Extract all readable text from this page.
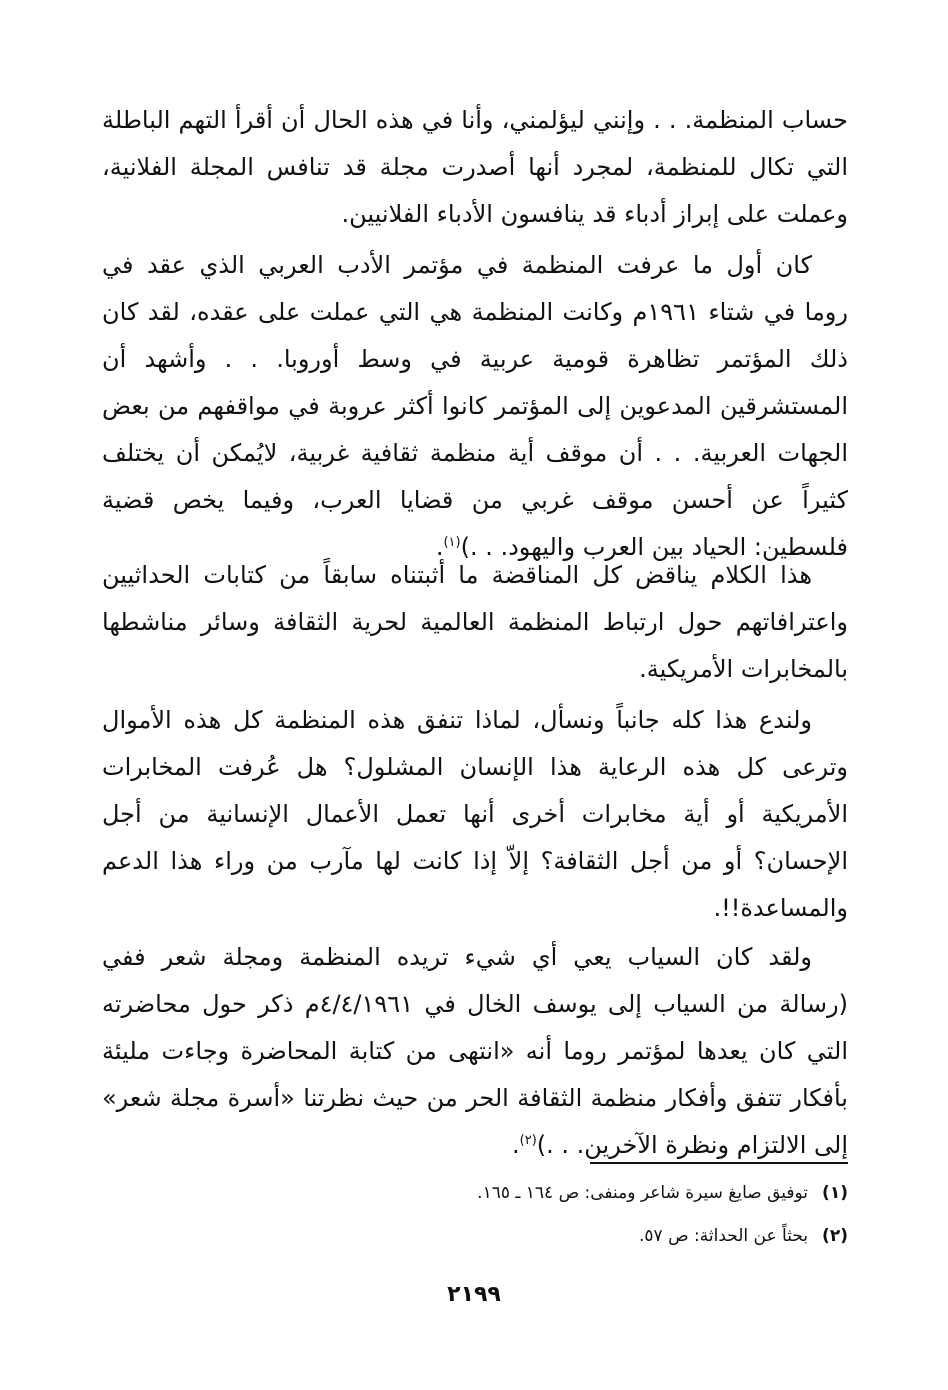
حساب المنظمة. . . وإنني ليؤلمني، وأنا في هذه الحال أن أقرأ التهم الباطلة
التي تكال للمنظمة، لمجرد أنها أصدرت مجلة قد تنافس المجلة الفلانية،
وعملت على إبراز أدباء قد ينافسون الأدباء الفلانيين.
كان أول ما عرفت المنظمة في مؤتمر الأدب العربي الذي عقد في
روما في شتاء ١٩٦١م وكانت المنظمة هي التي عملت على عقده، لقد كان
ذلك المؤتمر تظاهرة قومية عربية في وسط أوروبا. . . وأشهد أن
المستشرقين المدعوين إلى المؤتمر كانوا أكثر عروبة في مواقفهم من بعض
الجهات العربية. . . أن موقف أية منظمة ثقافية غربية، لايُمكن أن يختلف
كثيراً عن أحسن موقف غربي من قضايا العرب، وفيما يخص قضية
فلسطين: الحياد بين العرب واليهود. . .)$^{(١)}$.
هذا الكلام يناقض كل المناقضة ما أثبتناه سابقاً من كتابات الحداثيين
واعترافاتهم حول ارتباط المنظمة العالمية لحرية الثقافة وسائر مناشطها
بالمخابرات الأمريكية.
ولندع هذا كله جانباً ونسأل، لماذا تنفق هذه المنظمة كل هذه الأموال
وترعى كل هذه الرعاية هذا الإنسان المشلول؟ هل عُرفت المخابرات
الأمريكية أو أية مخابرات أخرى أنها تعمل الأعمال الإنسانية من أجل
الإحسان؟ أو من أجل الثقافة؟ إلاّ إذا كانت لها مآرب من وراء هذا الدعم
والمساعدة!!.
ولقد كان السياب يعي أي شيء تريده المنظمة ومجلة شعر ففي
(رسالة من السياب إلى يوسف الخال في ٤/٤/١٩٦١م ذكر حول محاضرته
التي كان يعدها لمؤتمر روما أنه «انتهى من كتابة المحاضرة وجاءت مليئة
بأفكار تتفق وأفكار منظمة الثقافة الحر من حيث نظرتنا «أسرة مجلة شعر»
إلى الالتزام ونظرة الآخرين. . .)$^{(٢)}$.
(١)توفيق صايغ سيرة شاعر ومنفى: ص ١٦٤ ـ ١٦٥.
(٢)بحثاً عن الحداثة: ص ٥٧.
٢١٩٩
